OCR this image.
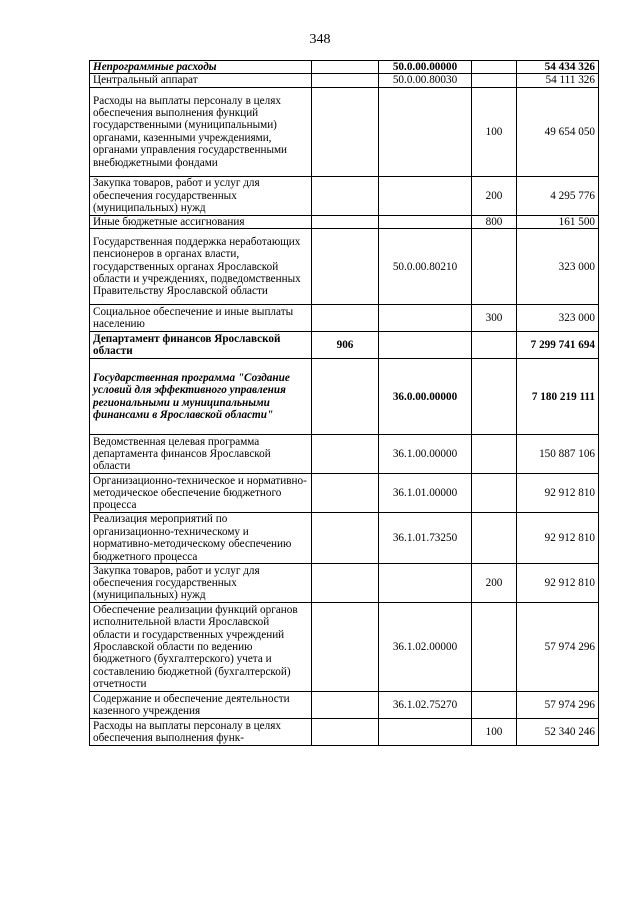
348
Непрограммные расходы		50.0.00.00000		54 434 326
Центральный аппарат		50.0.00.80030		54 111 326
Расходы на выплаты персоналу в целях обеспечения выполнения функций государственными (муниципальными) органами, казенными учреждениями, органами управления государственными внебюджетными фондами			100	49 654 050
Закупка товаров, работ и услуг для обеспечения государственных (муниципальных) нужд			200	4 295 776
Иные бюджетные ассигнования			800	161 500
Государственная поддержка неработающих пенсионеров в органах власти, государственных органах Ярославской области и учреждениях, подведомственных Правительству Ярославской области		50.0.00.80210		323 000
Социальное обеспечение и иные выплаты населению			300	323 000
Департамент финансов Ярославской области	906			7 299 741 694
Государственная программа "Создание условий для эффективного управления региональными и муниципальными финансами в Ярославской области"		36.0.00.00000		7 180 219 111
Ведомственная целевая программа департамента финансов Ярославской области		36.1.00.00000		150 887 106
Организационно-техническое и нормативно-методическое обеспечение бюджетного процесса		36.1.01.00000		92 912 810
Реализация мероприятий по организационно-техническому и нормативно-методическому обеспечению бюджетного процесса		36.1.01.73250		92 912 810
Закупка товаров, работ и услуг для обеспечения государственных (муниципальных) нужд			200	92 912 810
Обеспечение реализации функций органов исполнительной власти Ярославской области и государственных учреждений Ярославской области по ведению бюджетного (бухгалтерского) учета и составлению бюджетной (бухгалтерской) отчетности		36.1.02.00000		57 974 296
Содержание и обеспечение деятельности казенного учреждения		36.1.02.75270		57 974 296
Расходы на выплаты персоналу в целях обеспечения выполнения функ-			100	52 340 246
